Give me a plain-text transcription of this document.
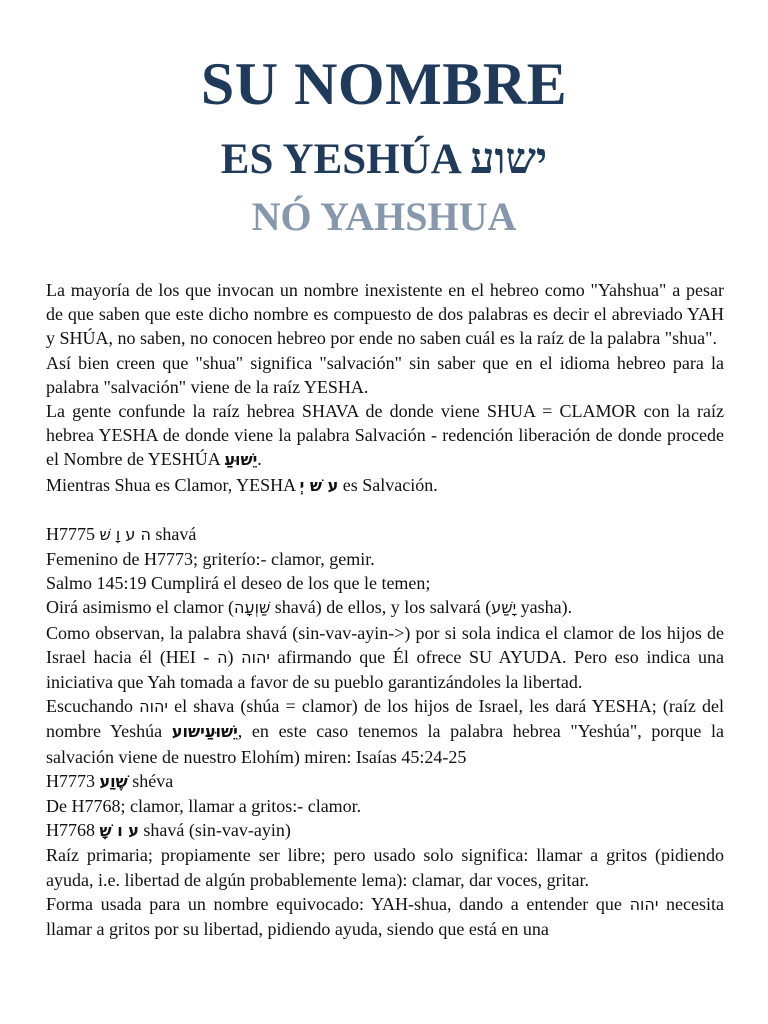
SU NOMBRE
ES YESHÚA ישוע
NÓ YAHSHUA

La mayoría de los que invocan un nombre inexistente en el hebreo como "Yahshua" a pesar de que saben que este dicho nombre es compuesto de dos palabras es decir el abreviado YAH y SHÚA, no saben, no conocen hebreo por ende no saben cuál es la raíz de la palabra "shua".

Así bien creen que "shua" significa "salvación" sin saber que en el idioma hebreo para la palabra "salvación" viene de la raíz YESHA.

La gente confunde la raíz hebrea SHAVA de donde viene SHUA = CLAMOR con la raíz hebrea YESHA de donde viene la palabra Salvación - redención liberación de donde procede el Nombre de YESHÚA יֵשׁוּעַ.

Mientras Shua es Clamor, YESHA ע שׁ יְ es Salvación.

H7775 ה ע וָ שׁ shavá

Femenino de H7773; griterío:- clamor, gemir.

Salmo 145:19 Cumplirá el deseo de los que le temen;

Oirá asimismo el clamor (שַׁוְעָה shavá) de ellos, y los salvará (יָשַׁע yasha).

Como observan, la palabra shavá (sin-vav-ayin->) por si sola indica el clamor de los hijos de Israel hacia él (HEI - ה) יהוה afirmando que Él ofrece SU AYUDA. Pero eso indica una iniciativa que Yah tomada a favor de su pueblo garantizándoles la libertad.

Escuchando יהוה el shava (shúa = clamor) de los hijos de Israel, les dará YESHA; (raíz del nombre Yeshúa ישועיֵשׁוּעַ, en este caso tenemos la palabra hebrea "Yeshúa", porque la salvación viene de nuestro Elohím) miren: Isaías 45:24-25

H7773 שֶׁוַע shéva

De H7768; clamor, llamar a gritos:- clamor.

H7768 ע ו שָׁ shavá (sin-vav-ayin)

Raíz primaria; propiamente ser libre; pero usado solo significa: llamar a gritos (pidiendo ayuda, i.e. libertad de algún probablemente lema): clamar, dar voces, gritar.

Forma usada para un nombre equivocado: YAH-shua, dando a entender que יהוה necesita llamar a gritos por su libertad, pidiendo ayuda, siendo que está en una
